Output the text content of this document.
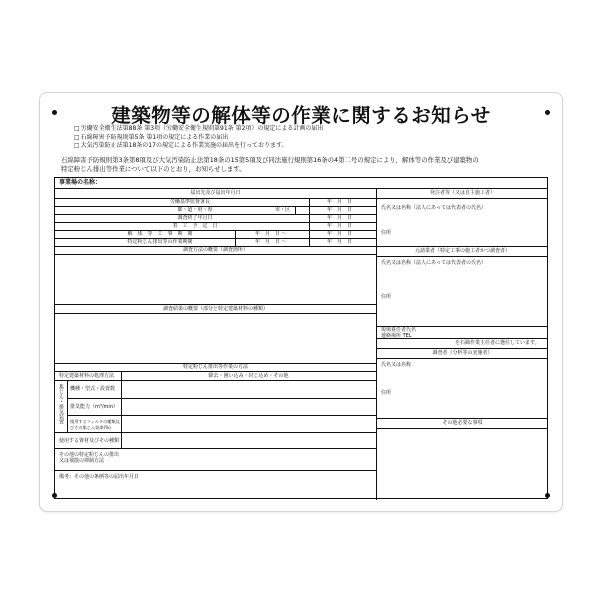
建築物等の解体等の作業に関するお知らせ
□ 労働安全衛生法第88条 第3項（労働安全衛生規則第91条 第2項）の規定による計画の届出
□ 石綿障害予防規則第5条 第1項の規定による作業の届出
□ 大気汚染防止法第18条の17の規定による作業実施の届出を行っております。
石綿障害予防規則第3条第8項及び大気汚染防止法第18条の15第5項及び同法施行規則第16条の4第二号の規定により，解体等の作業及び建築物の
特定粉じん排出等作業について以下のとおり，お知らせします。
事業場の名称：
届出先及び届出年月日
労働基準監督署長	年　月　日
都・道・府・県	市・区	年　月　日
調査終了年月日	年　月　日
着　工　予　定　日	年　月　日
解　体　等　工　事　期　間	年　月　日 ～	年　月　日
特定粉じん排出等の作業期間	年　月　日 ～	年　月　日
調査方法の概要（調査箇所）
調査結果の概要（部分と特定建築材料の種類）
特定粉じん排出等作業の方法
特定建築材料の処理方法	除去・囲い込み・封じ込め・その他
集じん・排気装置 機種・型式・設置数
排気能力（m³/min）
使用するフィルタの種類及びその集じん効果(%)
使用する資材及びその種類
その他の特定粉じんの排出又は飛散の抑制方法
備考：その他の条例等の届出年月日
発注者等（又は自主施工者）
氏名又は名称（法人にあっては代表者の氏名）
住所
元請業者（特定工事の施工者かつ調査者）
氏名又は名称（法人にあっては代表者の氏名）
住所
現場責任者氏名
連絡場所 TEL
を石綿作業主任者に選任しています。
調査者（分析等の実施者）
氏名又は名称
住所
その他必要な事項
